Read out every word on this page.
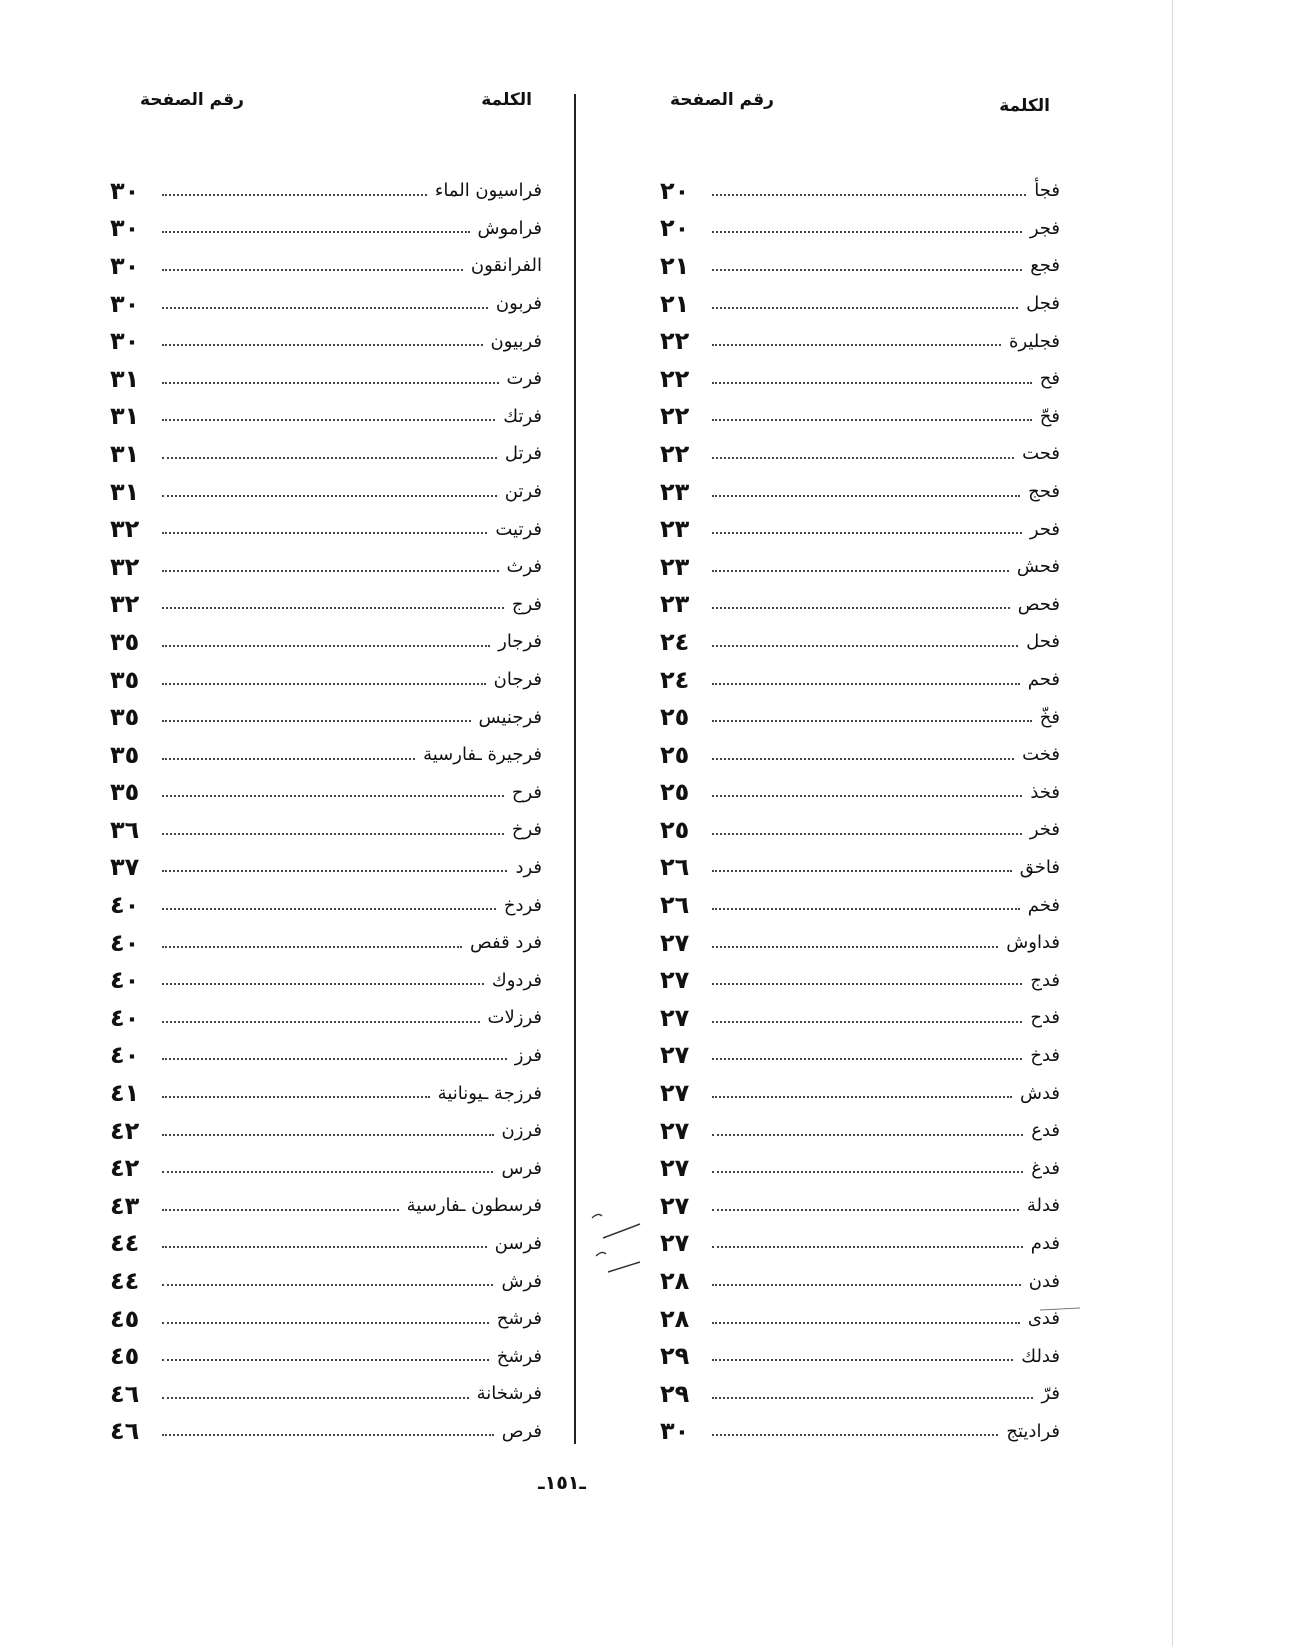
الكلمة
رقم الصفحة
فجأ
٢٠
فجر
٢٠
فجع
٢١
فجل
٢١
فجليرة
٢٢
فح
٢٢
فحّ
٢٢
فحت
٢٢
فحج
٢٣
فحر
٢٣
فحش
٢٣
فحص
٢٣
فحل
٢٤
فحم
٢٤
فخّ
٢٥
فخت
٢٥
فخذ
٢٥
فخر
٢٥
فاخق
٢٦
فخم
٢٦
فداوش
٢٧
فدج
٢٧
فدح
٢٧
فدخ
٢٧
فدش
٢٧
فدع
٢٧
فدغ
٢٧
فدلة
٢٧
فدم
٢٧
فدن
٢٨
فدى
٢٨
فدلك
٢٩
فرّ
٢٩
فراديتج
٣٠
الكلمة
رقم الصفحة
فراسيون الماء
٣٠
فراموش
٣٠
الفرانقون
٣٠
فربون
٣٠
فربيون
٣٠
فرت
٣١
فرتك
٣١
فرتل
٣١
فرتن
٣١
فرتيت
٣٢
فرث
٣٢
فرج
٣٢
فرجار
٣٥
فرجان
٣٥
فرجنيس
٣٥
فرجيرة ـفارسية
٣٥
فرح
٣٥
فرخ
٣٦
فرد
٣٧
فردخ
٤٠
فرد قفص
٤٠
فردوك
٤٠
فرزلات
٤٠
فرز
٤٠
فرزجة ـيونانية
٤١
فرزن
٤٢
فرس
٤٢
فرسطون ـفارسية
٤٣
فرسن
٤٤
فرش
٤٤
فرشح
٤٥
فرشخ
٤٥
فرشخانة
٤٦
فرص
٤٦
ـ١٥١ـ
